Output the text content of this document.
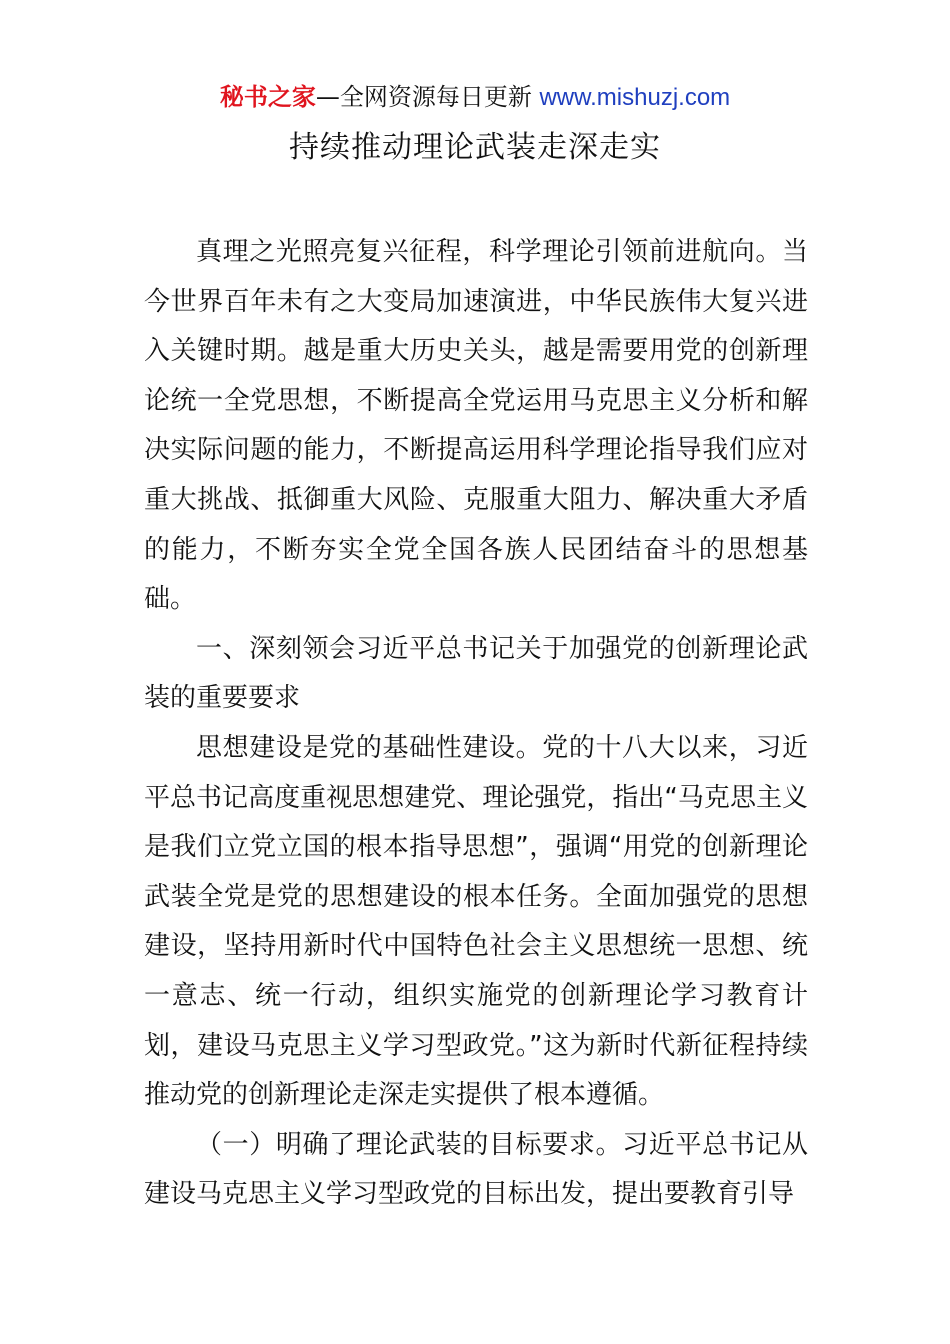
秘书之家—全网资源每日更新 www.mishuzj.com
持续推动理论武装走深走实

真理之光照亮复兴征程，科学理论引领前进航向。当今世界百年未有之大变局加速演进，中华民族伟大复兴进入关键时期。越是重大历史关头，越是需要用党的创新理论统一全党思想，不断提高全党运用马克思主义分析和解决实际问题的能力，不断提高运用科学理论指导我们应对重大挑战、抵御重大风险、克服重大阻力、解决重大矛盾的能力，不断夯实全党全国各族人民团结奋斗的思想基础。

一、深刻领会习近平总书记关于加强党的创新理论武装的重要要求

思想建设是党的基础性建设。党的十八大以来，习近平总书记高度重视思想建党、理论强党，指出“马克思主义是我们立党立国的根本指导思想”，强调“用党的创新理论武装全党是党的思想建设的根本任务。全面加强党的思想建设，坚持用新时代中国特色社会主义思想统一思想、统一意志、统一行动，组织实施党的创新理论学习教育计划，建设马克思主义学习型政党。”这为新时代新征程持续推动党的创新理论走深走实提供了根本遵循。

（一）明确了理论武装的目标要求。习近平总书记从建设马克思主义学习型政党的目标出发，提出要教育引导
